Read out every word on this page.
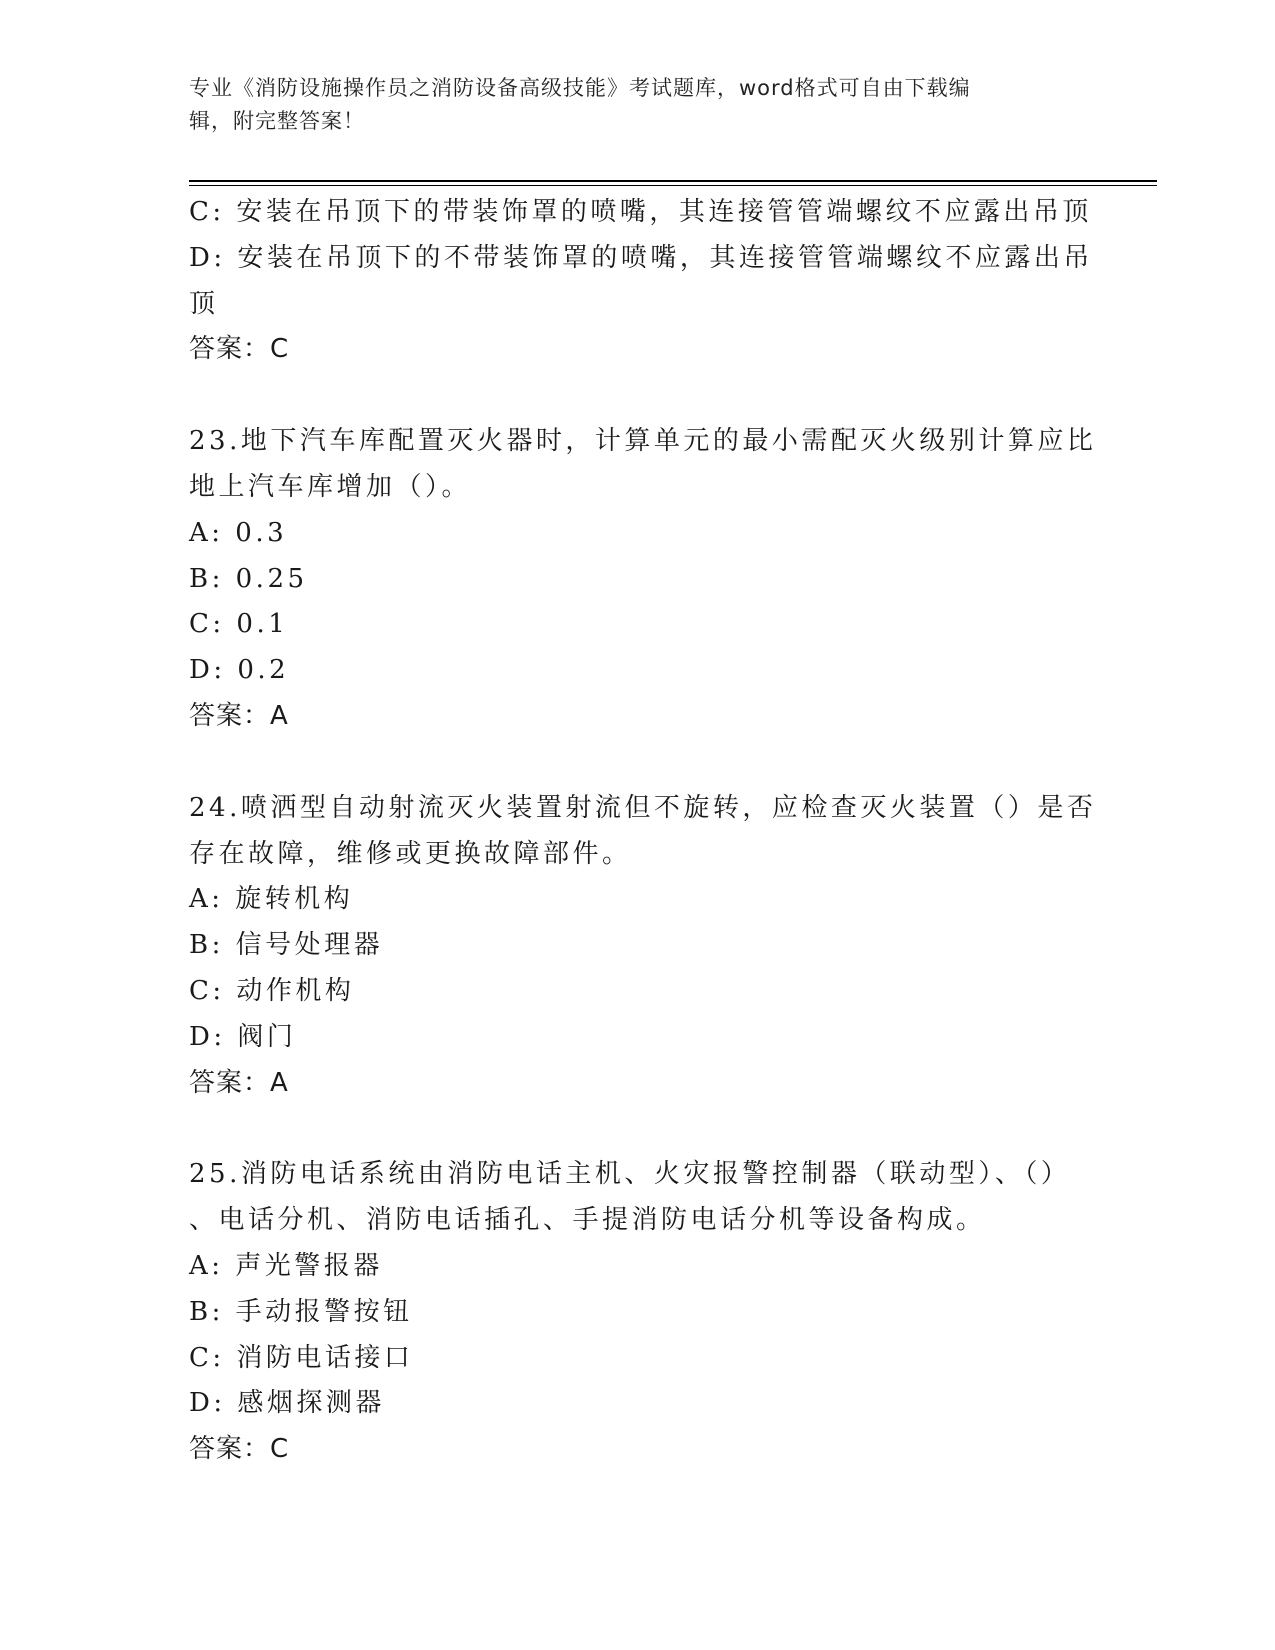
专业《消防设施操作员之消防设备高级技能》考试题库，word格式可自由下载编
辑，附完整答案！
C: 安装在吊顶下的带装饰罩的喷嘴，其连接管管端螺纹不应露出吊顶
D: 安装在吊顶下的不带装饰罩的喷嘴，其连接管管端螺纹不应露出吊
顶
答案：C
23.地下汽车库配置灭火器时，计算单元的最小需配灭火级别计算应比
地上汽车库增加（）。
A: 0.3
B: 0.25
C: 0.1
D: 0.2
答案：A
24.喷洒型自动射流灭火装置射流但不旋转，应检查灭火装置（）是否
存在故障，维修或更换故障部件。
A: 旋转机构
B: 信号处理器
C: 动作机构
D: 阀门
答案：A
25.消防电话系统由消防电话主机、火灾报警控制器（联动型）、（）
、电话分机、消防电话插孔、手提消防电话分机等设备构成。
A: 声光警报器
B: 手动报警按钮
C: 消防电话接口
D: 感烟探测器
答案：C
